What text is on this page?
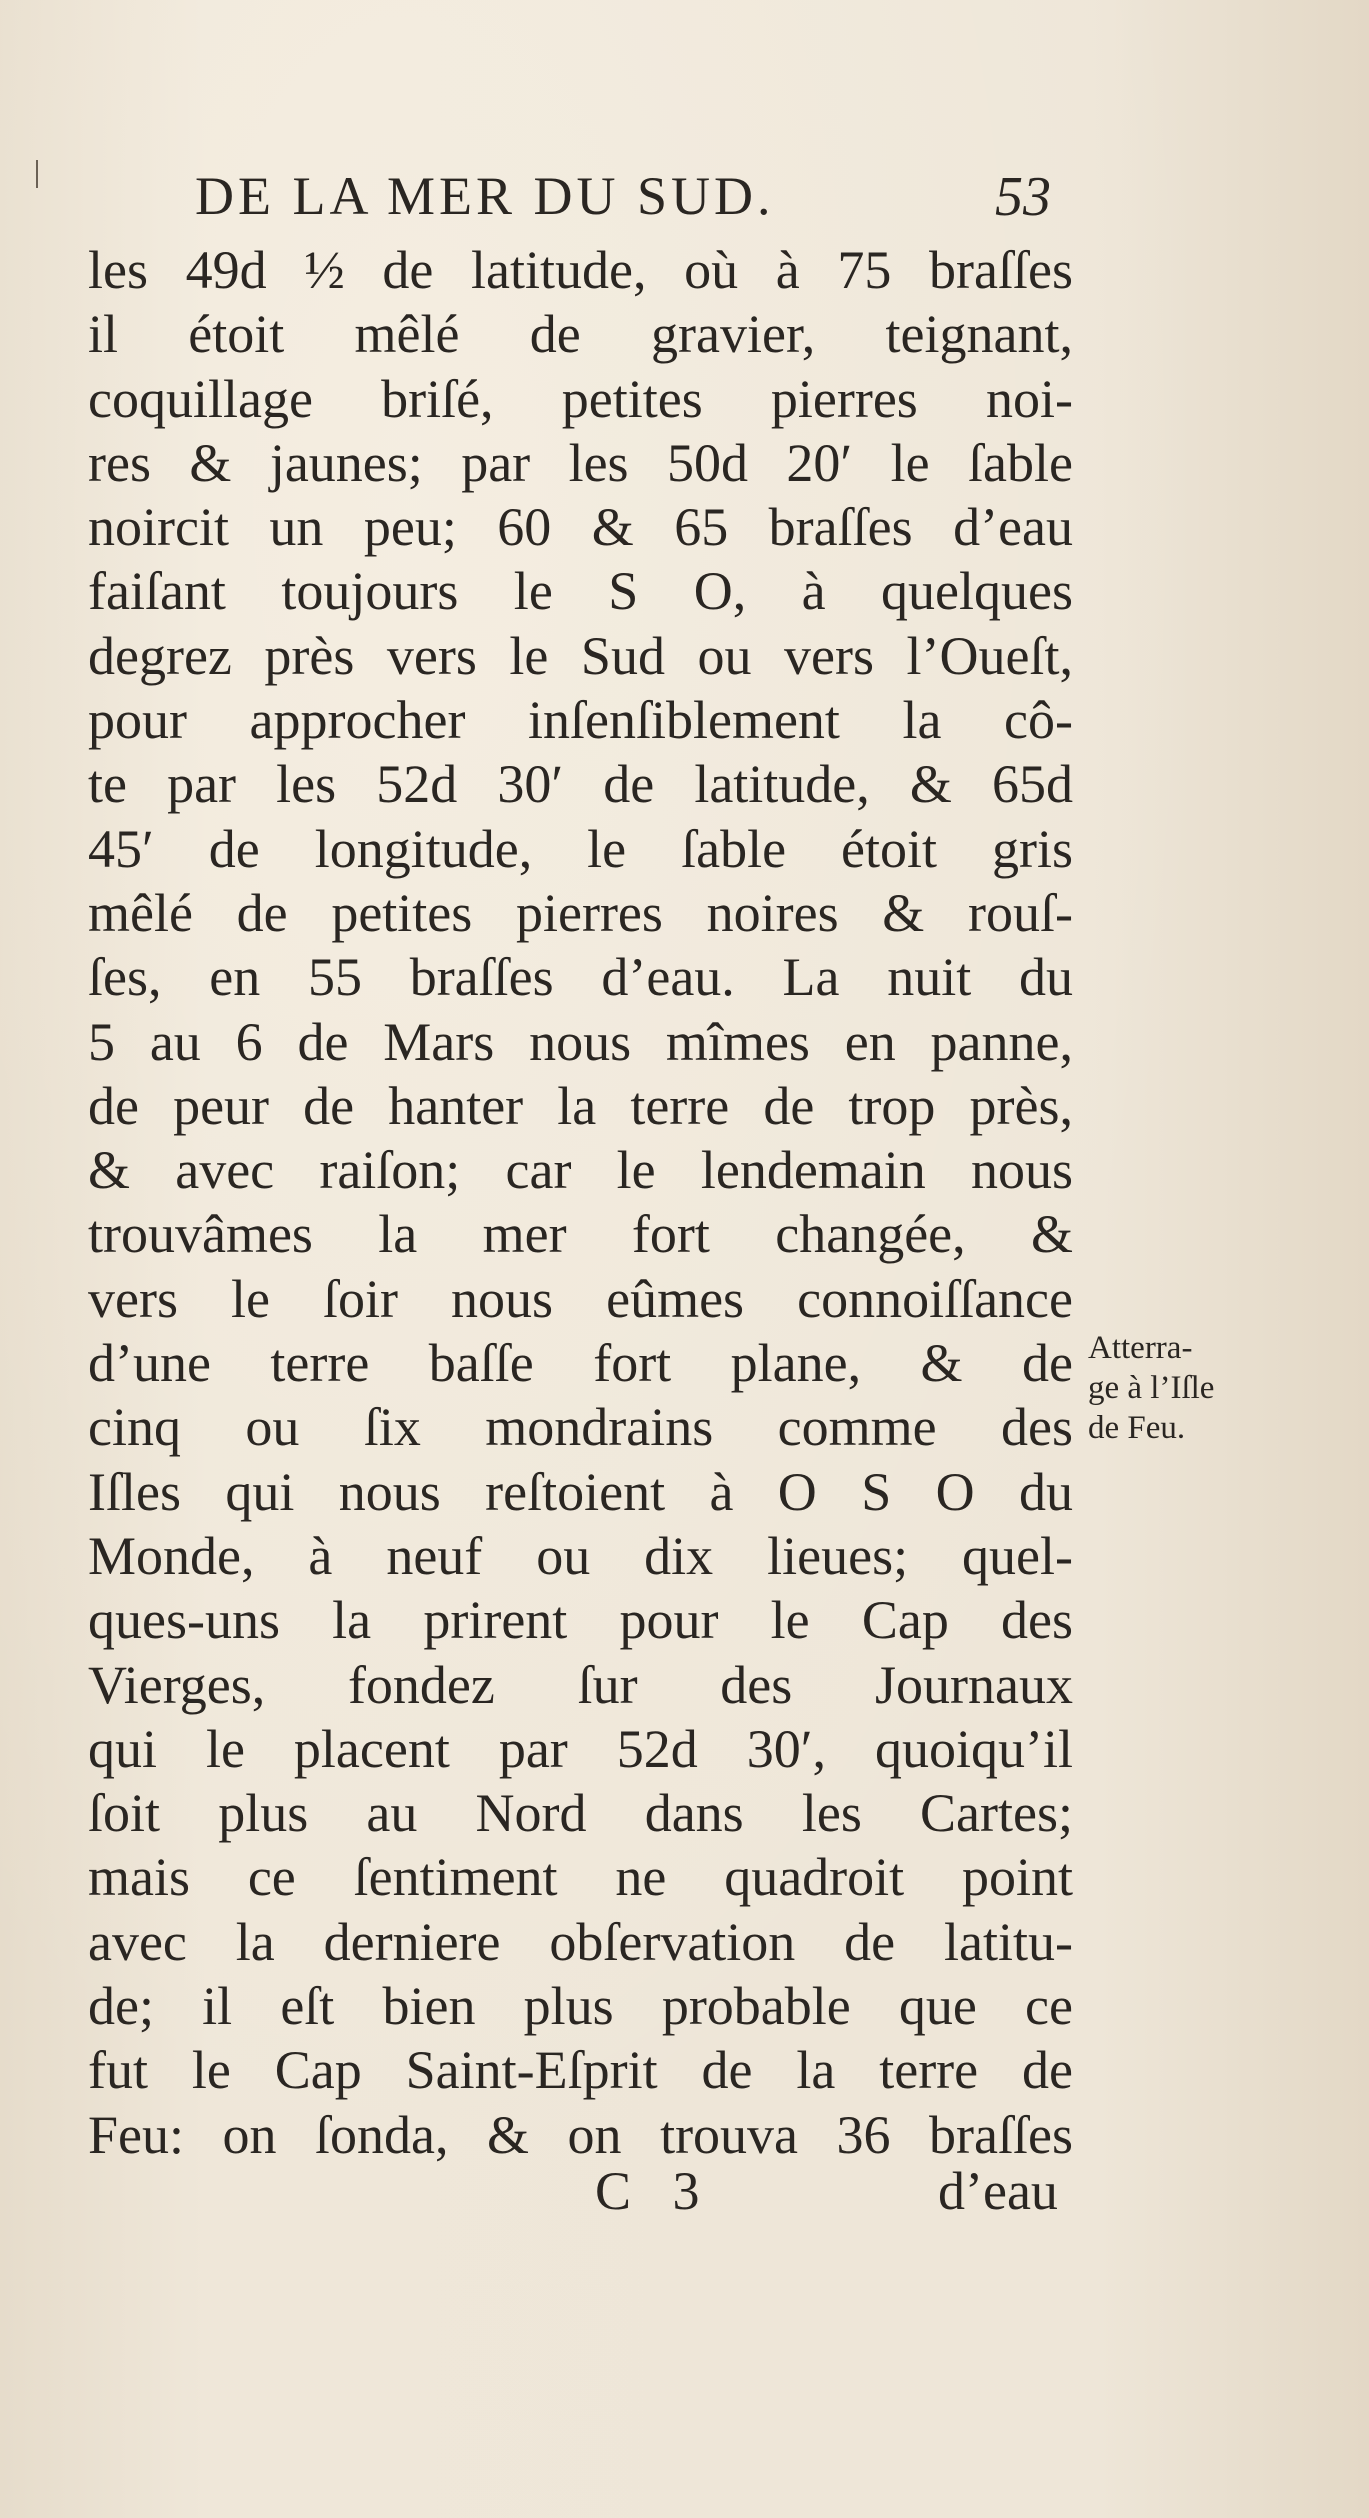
DE LA MER DU SUD.	53
les 49d ½ de latitude, où à 75 braſſes
il étoit mêlé de gravier, teignant,
coquillage briſé, petites pierres noi-
res & jaunes; par les 50d 20′ le ſable
noircit un peu; 60 & 65 braſſes d’eau
faiſant toujours le S O, à quelques
degrez près vers le Sud ou vers l’Oueſt,
pour approcher inſenſiblement la cô-
te par les 52d 30′ de latitude, & 65d
45′ de longitude, le ſable étoit gris
mêlé de petites pierres noires & rouſ-
ſes, en 55 braſſes d’eau. La nuit du
5 au 6 de Mars nous mîmes en panne,
de peur de hanter la terre de trop près,
& avec raiſon; car le lendemain nous
trouvâmes la mer fort changée, &
vers le ſoir nous eûmes connoiſſance
d’une terre baſſe fort plane, & de
cinq ou ſix mondrains comme des
Iſles qui nous reſtoient à O S O du
Monde, à neuf ou dix lieues; quel-
ques-uns la prirent pour le Cap des
Vierges, fondez ſur des Journaux
qui le placent par 52d 30′, quoiqu’il
ſoit plus au Nord dans les Cartes;
mais ce ſentiment ne quadroit point
avec la derniere obſervation de latitu-
de; il eſt bien plus probable que ce
fut le Cap Saint-Eſprit de la terre de
Feu: on ſonda, & on trouva 36 braſſes
Atterra-
ge à l’Iſle
de Feu.
C 3	d’eau
